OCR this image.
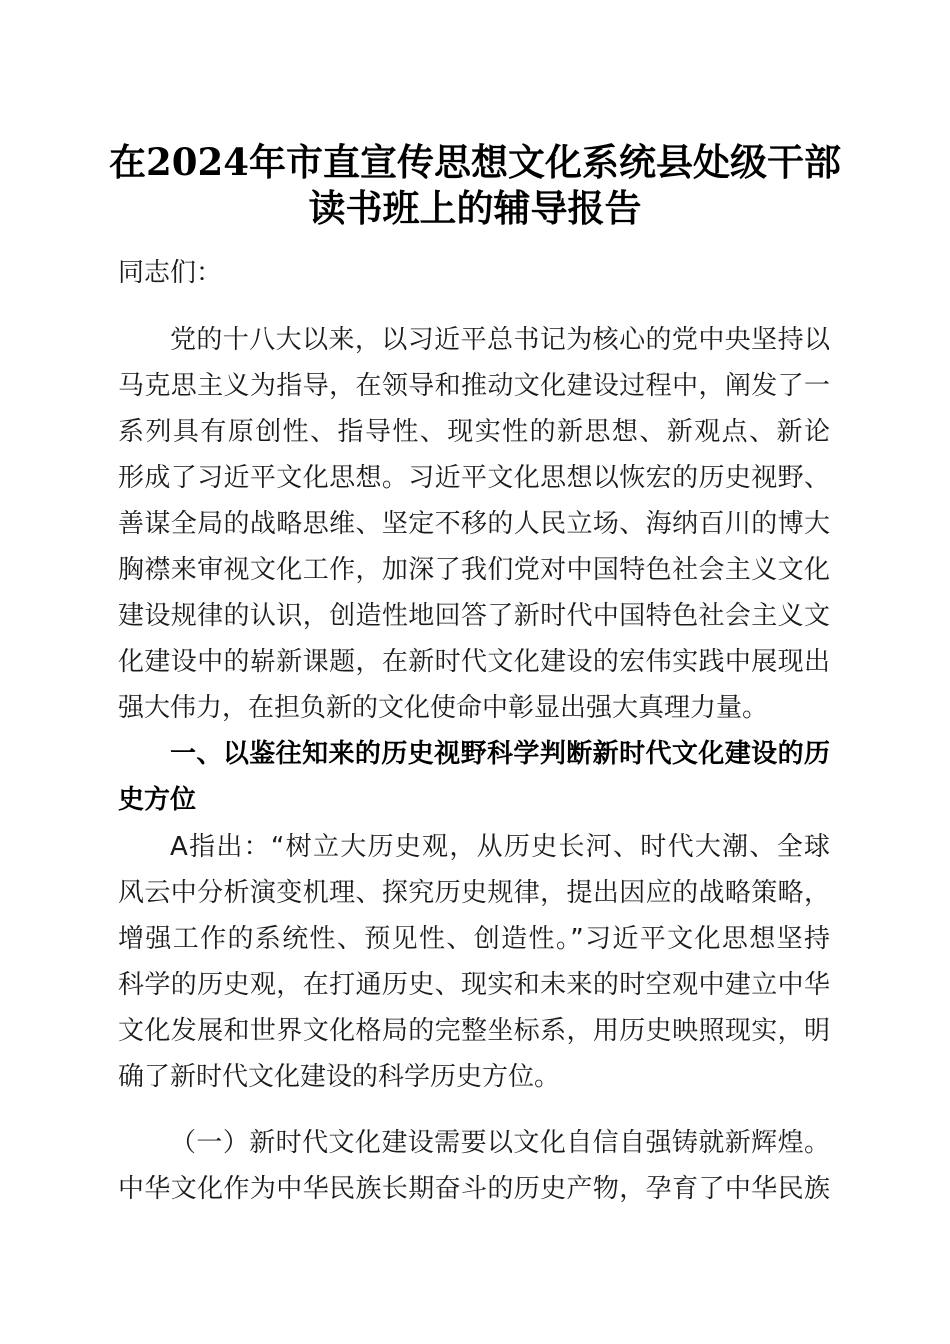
在2024年市直宣传思想文化系统县处级干部
读书班上的辅导报告
同志们：
党的十八大以来，以习近平总书记为核心的党中央坚持以
马克思主义为指导，在领导和推动文化建设过程中，阐发了一
系列具有原创性、指导性、现实性的新思想、新观点、新论
形成了习近平文化思想。习近平文化思想以恢宏的历史视野、
善谋全局的战略思维、坚定不移的人民立场、海纳百川的博大
胸襟来审视文化工作，加深了我们党对中国特色社会主义文化
建设规律的认识，创造性地回答了新时代中国特色社会主义文
化建设中的崭新课题，在新时代文化建设的宏伟实践中展现出
强大伟力，在担负新的文化使命中彰显出强大真理力量。
一、以鉴往知来的历史视野科学判断新时代文化建设的历
史方位
A指出：“树立大历史观，从历史长河、时代大潮、全球
风云中分析演变机理、探究历史规律，提出因应的战略策略，
增强工作的系统性、预见性、创造性。”习近平文化思想坚持
科学的历史观，在打通历史、现实和未来的时空观中建立中华
文化发展和世界文化格局的完整坐标系，用历史映照现实，明
确了新时代文化建设的科学历史方位。
（一）新时代文化建设需要以文化自信自强铸就新辉煌。
中华文化作为中华民族长期奋斗的历史产物，孕育了中华民族
